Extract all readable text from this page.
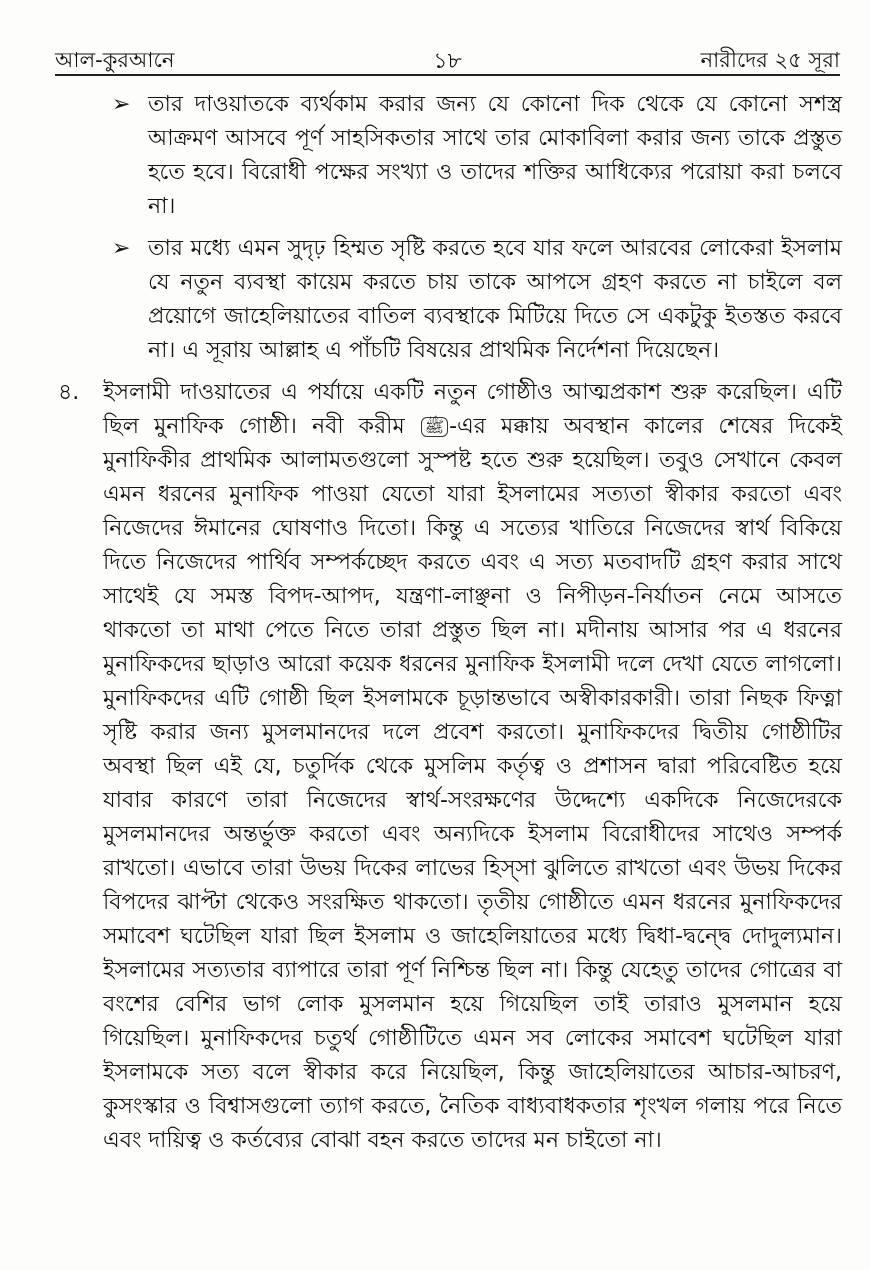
আল-কুরআনে	১৮	নারীদের ২৫ সূরা
➢ তার দাওয়াতকে ব্যর্থকাম করার জন্য যে কোনো দিক থেকে যে কোনো সশস্ত্র আক্রমণ আসবে পূর্ণ সাহসিকতার সাথে তার মোকাবিলা করার জন্য তাকে প্রস্তুত হতে হবে। বিরোধী পক্ষের সংখ্যা ও তাদের শক্তির আধিক্যের পরোয়া করা চলবে না।
➢ তার মধ্যে এমন সুদৃঢ় হিম্মত সৃষ্টি করতে হবে যার ফলে আরবের লোকেরা ইসলাম যে নতুন ব্যবস্থা কায়েম করতে চায় তাকে আপসে গ্রহণ করতে না চাইলে বল প্রয়োগে জাহেলিয়াতের বাতিল ব্যবস্থাকে মিটিয়ে দিতে সে একটুকু ইতস্তত করবে না। এ সূরায় আল্লাহ এ পাঁচটি বিষয়ের প্রাথমিক নির্দেশনা দিয়েছেন।
৪.	ইসলামী দাওয়াতের এ পর্যায়ে একটি নতুন গোষ্ঠীও আত্মপ্রকাশ শুরু করেছিল। এটি ছিল মুনাফিক গোষ্ঠী। নবী করীম ﷺ -এর মক্কায় অবস্থান কালের শেষের দিকেই মুনাফিকীর প্রাথমিক আলামতগুলো সুস্পষ্ট হতে শুরু হয়েছিল। তবুও সেখানে কেবল এমন ধরনের মুনাফিক পাওয়া যেতো যারা ইসলামের সত্যতা স্বীকার করতো এবং নিজেদের ঈমানের ঘোষণাও দিতো। কিন্তু এ সত্যের খাতিরে নিজেদের স্বার্থ বিকিয়ে দিতে নিজেদের পার্থিব সম্পর্কচ্ছেদ করতে এবং এ সত্য মতবাদটি গ্রহণ করার সাথে সাথেই যে সমস্ত বিপদ-আপদ, যন্ত্রণা-লাঞ্ছনা ও নিপীড়ন-নির্যাতন নেমে আসতে থাকতো তা মাথা পেতে নিতে তারা প্রস্তুত ছিল না। মদীনায় আসার পর এ ধরনের মুনাফিকদের ছাড়াও আরো কয়েক ধরনের মুনাফিক ইসলামী দলে দেখা যেতে লাগলো। মুনাফিকদের এটি গোষ্ঠী ছিল ইসলামকে চূড়ান্তভাবে অস্বীকারকারী। তারা নিছক ফিত্না সৃষ্টি করার জন্য মুসলমানদের দলে প্রবেশ করতো। মুনাফিকদের দ্বিতীয় গোষ্ঠীটির অবস্থা ছিল এই যে, চতুর্দিক থেকে মুসলিম কর্তৃত্ব ও প্রশাসন দ্বারা পরিবেষ্টিত হয়ে যাবার কারণে তারা নিজেদের স্বার্থ-সংরক্ষণের উদ্দেশ্যে একদিকে নিজেদেরকে মুসলমানদের অন্তর্ভুক্ত করতো এবং অন্যদিকে ইসলাম বিরোধীদের সাথেও সম্পর্ক রাখতো। এভাবে তারা উভয় দিকের লাভের হিস্সা ঝুলিতে রাখতো এবং উভয় দিকের বিপদের ঝাপ্টা থেকেও সংরক্ষিত থাকতো। তৃতীয় গোষ্ঠীতে এমন ধরনের মুনাফিকদের সমাবেশ ঘটেছিল যারা ছিল ইসলাম ও জাহেলিয়াতের মধ্যে দ্বিধা-দ্বন্দ্বে দোদুল্যমান। ইসলামের সত্যতার ব্যাপারে তারা পূর্ণ নিশ্চিন্ত ছিল না। কিন্তু যেহেতু তাদের গোত্রের বা বংশের বেশির ভাগ লোক মুসলমান হয়ে গিয়েছিল তাই তারাও মুসলমান হয়ে গিয়েছিল। মুনাফিকদের চতুর্থ গোষ্ঠীটিতে এমন সব লোকের সমাবেশ ঘটেছিল যারা ইসলামকে সত্য বলে স্বীকার করে নিয়েছিল, কিন্তু জাহেলিয়াতের আচার-আচরণ, কুসংস্কার ও বিশ্বাসগুলো ত্যাগ করতে, নৈতিক বাধ্যবাধকতার শৃংখল গলায় পরে নিতে এবং দায়িত্ব ও কর্তব্যের বোঝা বহন করতে তাদের মন চাইতো না।
